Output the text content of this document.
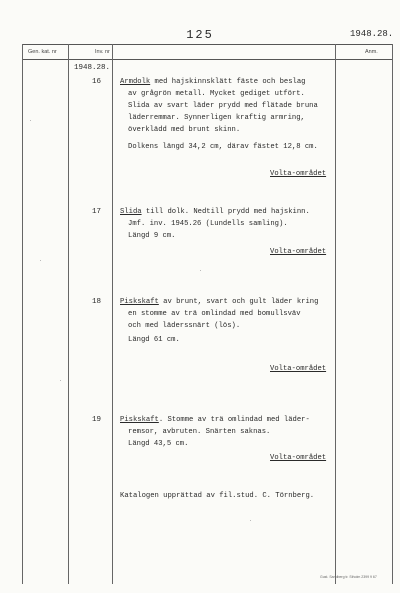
125	1948.28.
Gen. kat. nr	Inv. nr	Anm.
1948.28.
16	Armdolk med hajskinnsklätt fäste och beslag
av grågrön metall. Mycket gediget utfört.
Slida av svart läder prydd med flätade bruna
läderremmar. Synnerligen kraftig armring,
överklädd med brunt skinn.
Dolkens längd 34,2 cm, därav fästet 12,8 cm.
Volta-området
17	Slida till dolk. Nedtill prydd med hajskinn.
Jmf. inv. 1945.26 (Lundells samling).
Längd 9 cm.
Volta-området
18	Piskskaft av brunt, svart och gult läder kring
en stomme av trä omlindad med bomullsväv
och med läderssnärt (lös).
Längd 61 cm.
Volta-området
19	Piskskaft. Stomme av trä omlindad med läder-
remsor, avbruten. Snärten saknas.
Längd 43,5 cm.
Volta-området
Katalogen upprättad av fil.stud. C. Törnberg.
Gust. Sandberg tr. Stholm 2399 9 67
